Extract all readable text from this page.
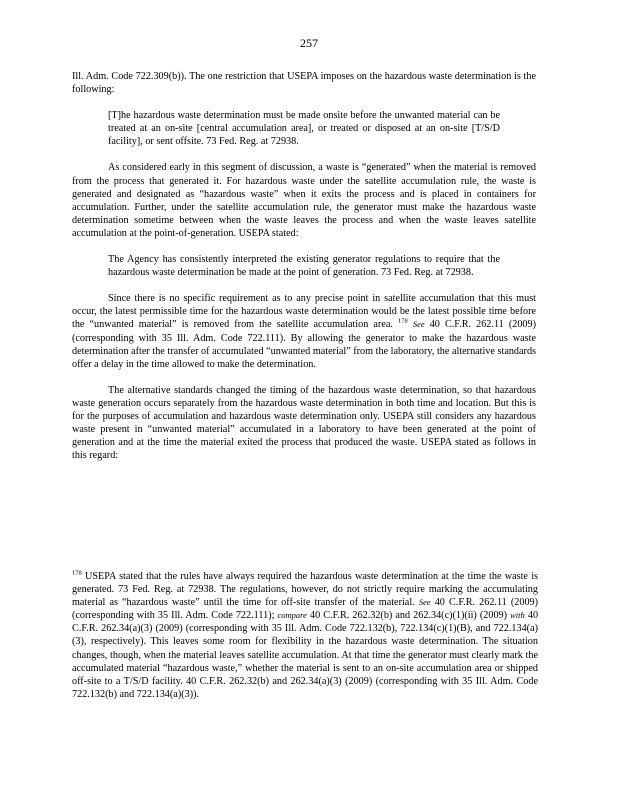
257

Ill. Adm. Code 722.309(b)). The one restriction that USEPA imposes on the hazardous waste determination is the following:

[T]he hazardous waste determination must be made onsite before the unwanted material can be treated at an on-site [central accumulation area], or treated or disposed at an on-site [T/S/D facility], or sent offsite. 73 Fed. Reg. at 72938.

As considered early in this segment of discussion, a waste is “generated” when the material is removed from the process that generated it. For hazardous waste under the satellite accumulation rule, the waste is generated and designated as “hazardous waste” when it exits the process and is placed in containers for accumulation. Further, under the satellite accumulation rule, the generator must make the hazardous waste determination sometime between when the waste leaves the process and when the waste leaves satellite accumulation at the point-of-generation. USEPA stated:

The Agency has consistently interpreted the existing generator regulations to require that the hazardous waste determination be made at the point of generation. 73 Fed. Reg. at 72938.

Since there is no specific requirement as to any precise point in satellite accumulation that this must occur, the latest permissible time for the hazardous waste determination would be the latest possible time before the “unwanted material” is removed from the satellite accumulation area. $^{178}$ See 40 C.F.R. 262.11 (2009) (corresponding with 35 Ill. Adm. Code 722.111). By allowing the generator to make the hazardous waste determination after the transfer of accumulated “unwanted material” from the laboratory, the alternative standards offer a delay in the time allowed to make the determination.

The alternative standards changed the timing of the hazardous waste determination, so that hazardous waste generation occurs separately from the hazardous waste determination in both time and location. But this is for the purposes of accumulation and hazardous waste determination only. USEPA still considers any hazardous waste present in “unwanted material” accumulated in a laboratory to have been generated at the point of generation and at the time the material exited the process that produced the waste. USEPA stated as follows in this regard:

$^{178}$ USEPA stated that the rules have always required the hazardous waste determination at the time the waste is generated. 73 Fed. Reg. at 72938. The regulations, however, do not strictly require marking the accumulating material as “hazardous waste” until the time for off-site transfer of the material. See 40 C.F.R. 262.11 (2009) (corresponding with 35 Ill. Adm. Code 722.111); compare 40 C.F.R. 262.32(b) and 262.34(c)(1)(ii) (2009) with 40 C.F.R. 262.34(a)(3) (2009) (corresponding with 35 Ill. Adm. Code 722.132(b), 722.134(c)(1)(B), and 722.134(a)(3), respectively). This leaves some room for flexibility in the hazardous waste determination. The situation changes, though, when the material leaves satellite accumulation. At that time the generator must clearly mark the accumulated material “hazardous waste,” whether the material is sent to an on-site accumulation area or shipped off-site to a T/S/D facility. 40 C.F.R. 262.32(b) and 262.34(a)(3) (2009) (corresponding with 35 Ill. Adm. Code 722.132(b) and 722.134(a)(3)).
